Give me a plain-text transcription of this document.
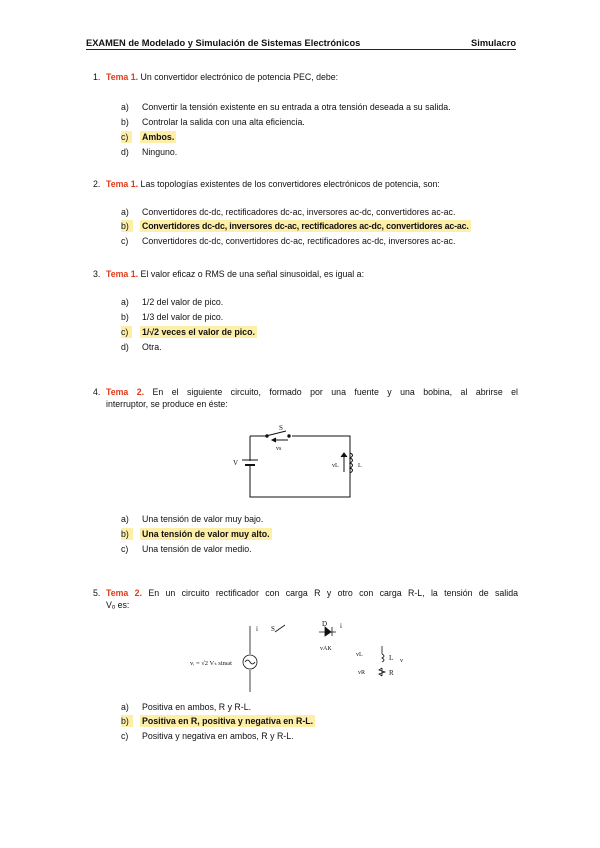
EXAMEN de Modelado y Simulación de Sistemas Electrónicos	Simulacro
1. Tema 1. Un convertidor electrónico de potencia PEC, debe:
a) Convertir la tensión existente en su entrada a otra tensión deseada a su salida.
b) Controlar la salida con una alta eficiencia.
c)	Ambos.
d) Ninguno.
2. Tema 1. Las topologías existentes de los convertidores electrónicos de potencia, son:
a) Convertidores dc-dc, rectificadores dc-ac, inversores ac-dc, convertidores ac-ac.
b)	Convertidores dc-dc, inversores dc-ac, rectificadores ac-dc, convertidores ac-ac.
c) Convertidores dc-dc, convertidores dc-ac, rectificadores ac-dc, inversores ac-ac.
3. Tema 1. El valor eficaz o RMS de una señal sinusoidal, es igual a:
a) 1/2 del valor de pico.
b) 1/3 del valor de pico.
c)	1/√2 veces el valor de pico.
d) Otra.
4. Tema 2. En el siguiente circuito, formado por una fuente y una bobina, al abrirse el
interruptor, se produce en éste:
S
vs
V	vL	L
a) Una tensión de valor muy bajo.
b)	Una tensión de valor muy alto.
c) Una tensión de valor medio.
5. Tema 2. En un circuito rectificador con carga R y otro con carga R-L, la tensión de salida
Vₒ es:
i S
vᵢ = √2 Vₛ sinωt
D i
vAK
vL	L
vR	R
v
a) Positiva en ambos, R y R-L.
b)	Positiva en R, positiva y negativa en R-L.
c) Positiva y negativa en ambos, R y R-L.
